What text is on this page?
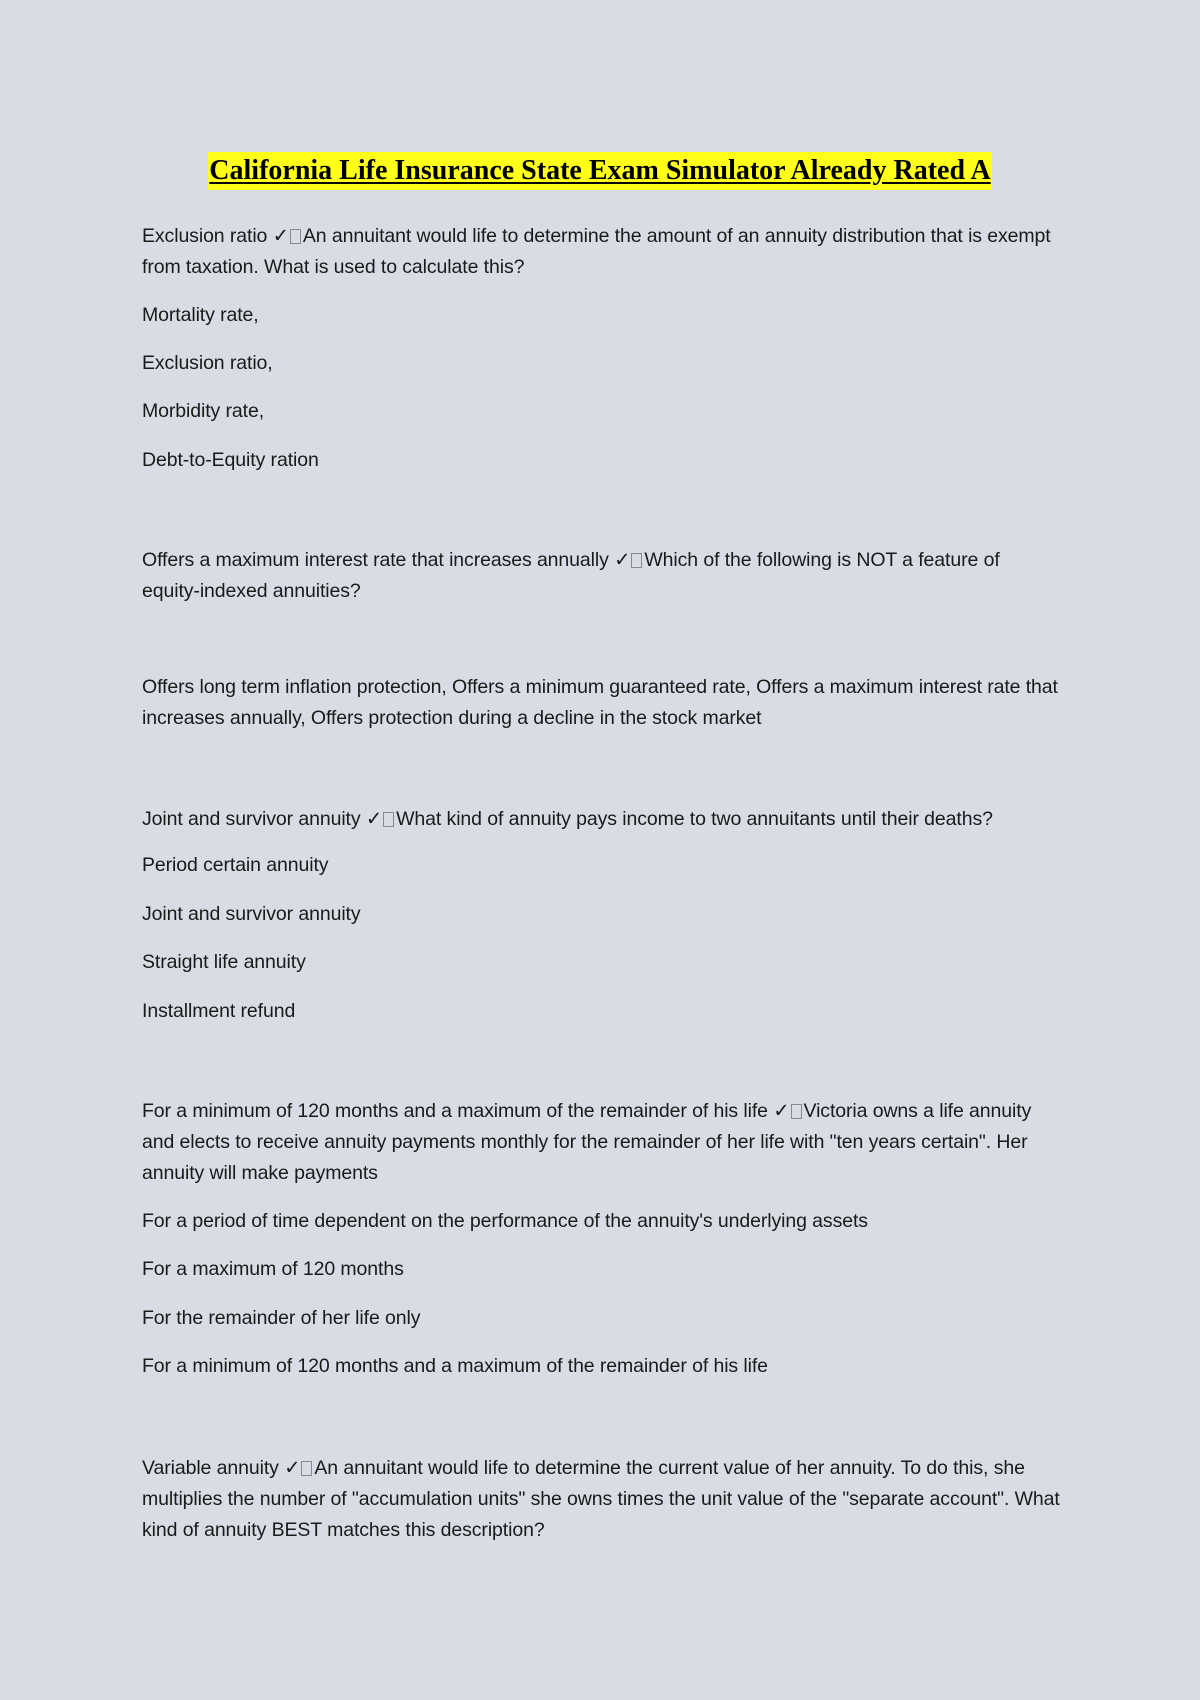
California Life Insurance State Exam Simulator Already Rated A

Exclusion ratio ✓ An annuitant would life to determine the amount of an annuity distribution that is exempt from taxation. What is used to calculate this?

Mortality rate,

Exclusion ratio,

Morbidity rate,

Debt-to-Equity ration

Offers a maximum interest rate that increases annually ✓ Which of the following is NOT a feature of equity-indexed annuities?

Offers long term inflation protection, Offers a minimum guaranteed rate, Offers a maximum interest rate that increases annually, Offers protection during a decline in the stock market

Joint and survivor annuity ✓ What kind of annuity pays income to two annuitants until their deaths?

Period certain annuity

Joint and survivor annuity

Straight life annuity

Installment refund

For a minimum of 120 months and a maximum of the remainder of his life ✓ Victoria owns a life annuity and elects to receive annuity payments monthly for the remainder of her life with "ten years certain". Her annuity will make payments

For a period of time dependent on the performance of the annuity's underlying assets

For a maximum of 120 months

For the remainder of her life only

For a minimum of 120 months and a maximum of the remainder of his life

Variable annuity ✓ An annuitant would life to determine the current value of her annuity. To do this, she multiplies the number of "accumulation units" she owns times the unit value of the "separate account". What kind of annuity BEST matches this description?
